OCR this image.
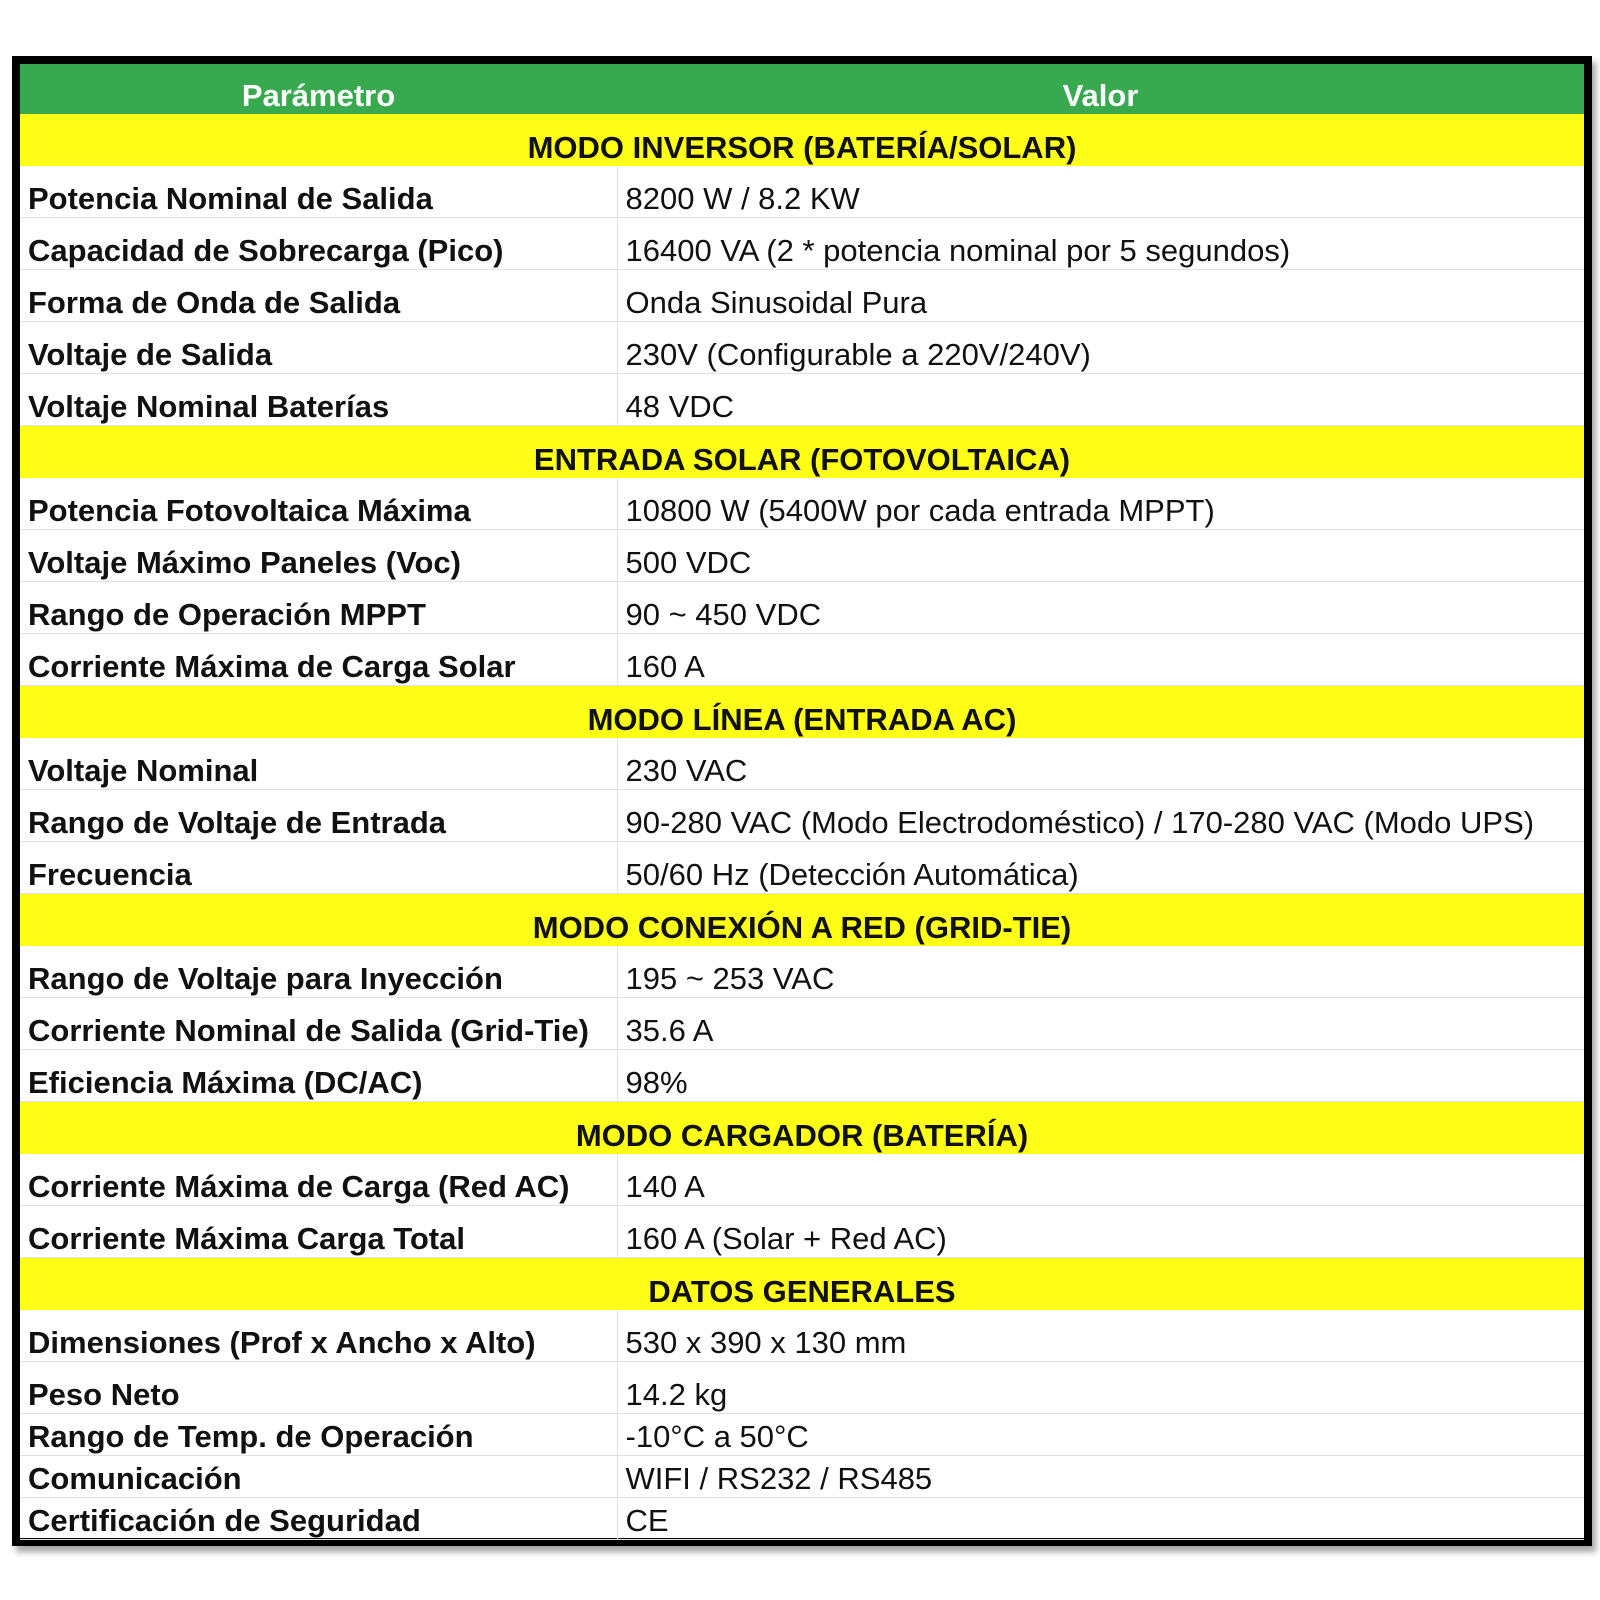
Parámetro	Valor
MODO INVERSOR (BATERÍA/SOLAR)	
Potencia Nominal de Salida	8200 W / 8.2 KW
Capacidad de Sobrecarga (Pico)	16400 VA (2 * potencia nominal por 5 segundos)
Forma de Onda de Salida	Onda Sinusoidal Pura
Voltaje de Salida	230V (Configurable a 220V/240V)
Voltaje Nominal Baterías	48 VDC
ENTRADA SOLAR (FOTOVOLTAICA)	
Potencia Fotovoltaica Máxima	10800 W (5400W por cada entrada MPPT)
Voltaje Máximo Paneles (Voc)	500 VDC
Rango de Operación MPPT	90 ~ 450 VDC
Corriente Máxima de Carga Solar	160 A
MODO LÍNEA (ENTRADA AC)	
Voltaje Nominal	230 VAC
Rango de Voltaje de Entrada	90-280 VAC (Modo Electrodoméstico) / 170-280 VAC (Modo UPS)
Frecuencia	50/60 Hz (Detección Automática)
MODO CONEXIÓN A RED (GRID-TIE)	
Rango de Voltaje para Inyección	195 ~ 253 VAC
Corriente Nominal de Salida (Grid-Tie)	35.6 A
Eficiencia Máxima (DC/AC)	98%
MODO CARGADOR (BATERÍA)	
Corriente Máxima de Carga (Red AC)	140 A
Corriente Máxima Carga Total	160 A (Solar + Red AC)
DATOS GENERALES	
Dimensiones (Prof x Ancho x Alto)	530 x 390 x 130 mm
Peso Neto	14.2 kg
Rango de Temp. de Operación	-10°C a 50°C
Comunicación	WIFI / RS232 / RS485
Certificación de Seguridad	CE
